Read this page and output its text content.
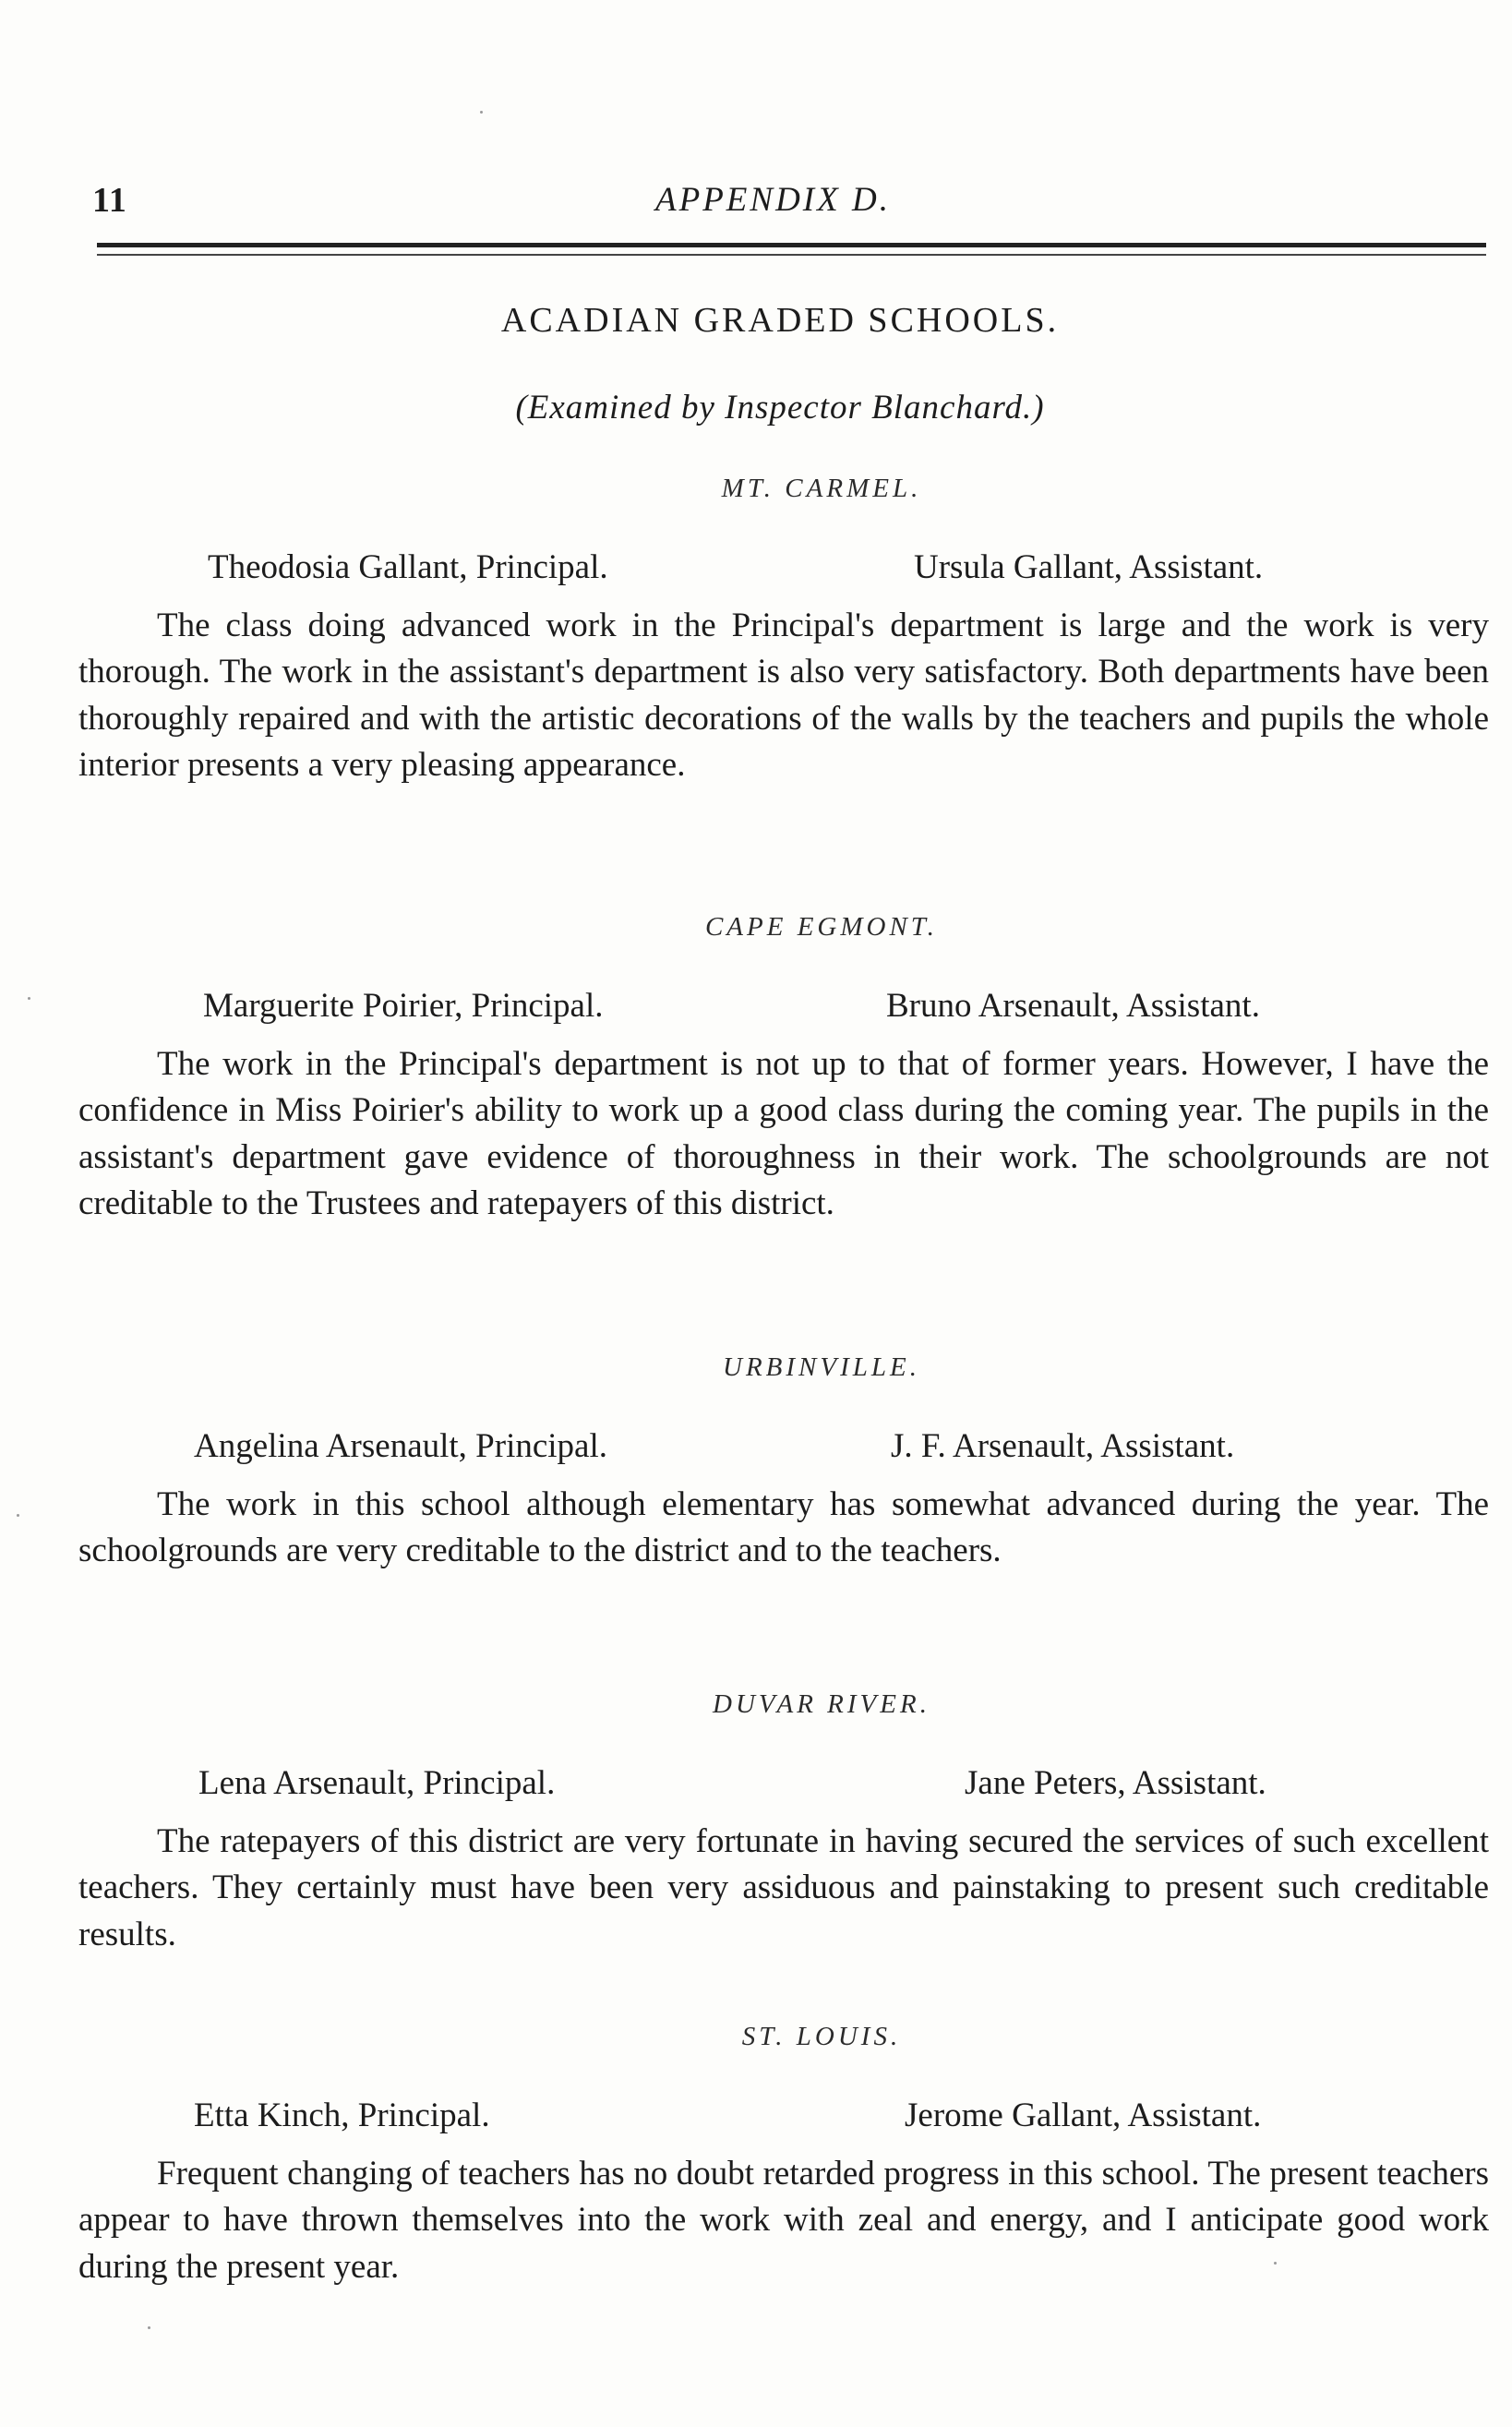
11	APPENDIX D.
ACADIAN GRADED SCHOOLS.
(Examined by Inspector Blanchard.)
MT. CARMEL.
Theodosia Gallant, Principal.	Ursula Gallant, Assistant.

The class doing advanced work in the Principal's department is large and the work is very thorough. The work in the assistant's department is also very satisfactory. Both departments have been thoroughly repaired and with the artistic decorations of the walls by the teachers and pupils the whole interior presents a very pleasing appearance.

CAPE EGMONT.
Marguerite Poirier, Principal.	Bruno Arsenault, Assistant.

The work in the Principal's department is not up to that of former years. However, I have the confidence in Miss Poirier's ability to work up a good class during the coming year. The pupils in the assistant's department gave evidence of thoroughness in their work. The schoolgrounds are not creditable to the Trustees and ratepayers of this district.

URBINVILLE.
Angelina Arsenault, Principal.	J. F. Arsenault, Assistant.

The work in this school although elementary has somewhat advanced during the year. The schoolgrounds are very creditable to the district and to the teachers.

DUVAR RIVER.
Lena Arsenault, Principal.	Jane Peters, Assistant.

The ratepayers of this district are very fortunate in having secured the services of such excellent teachers. They certainly must have been very assiduous and painstaking to present such creditable results.

ST. LOUIS.
Etta Kinch, Principal.	Jerome Gallant, Assistant.

Frequent changing of teachers has no doubt retarded progress in this school. The present teachers appear to have thrown themselves into the work with zeal and energy, and I anticipate good work during the present year.
